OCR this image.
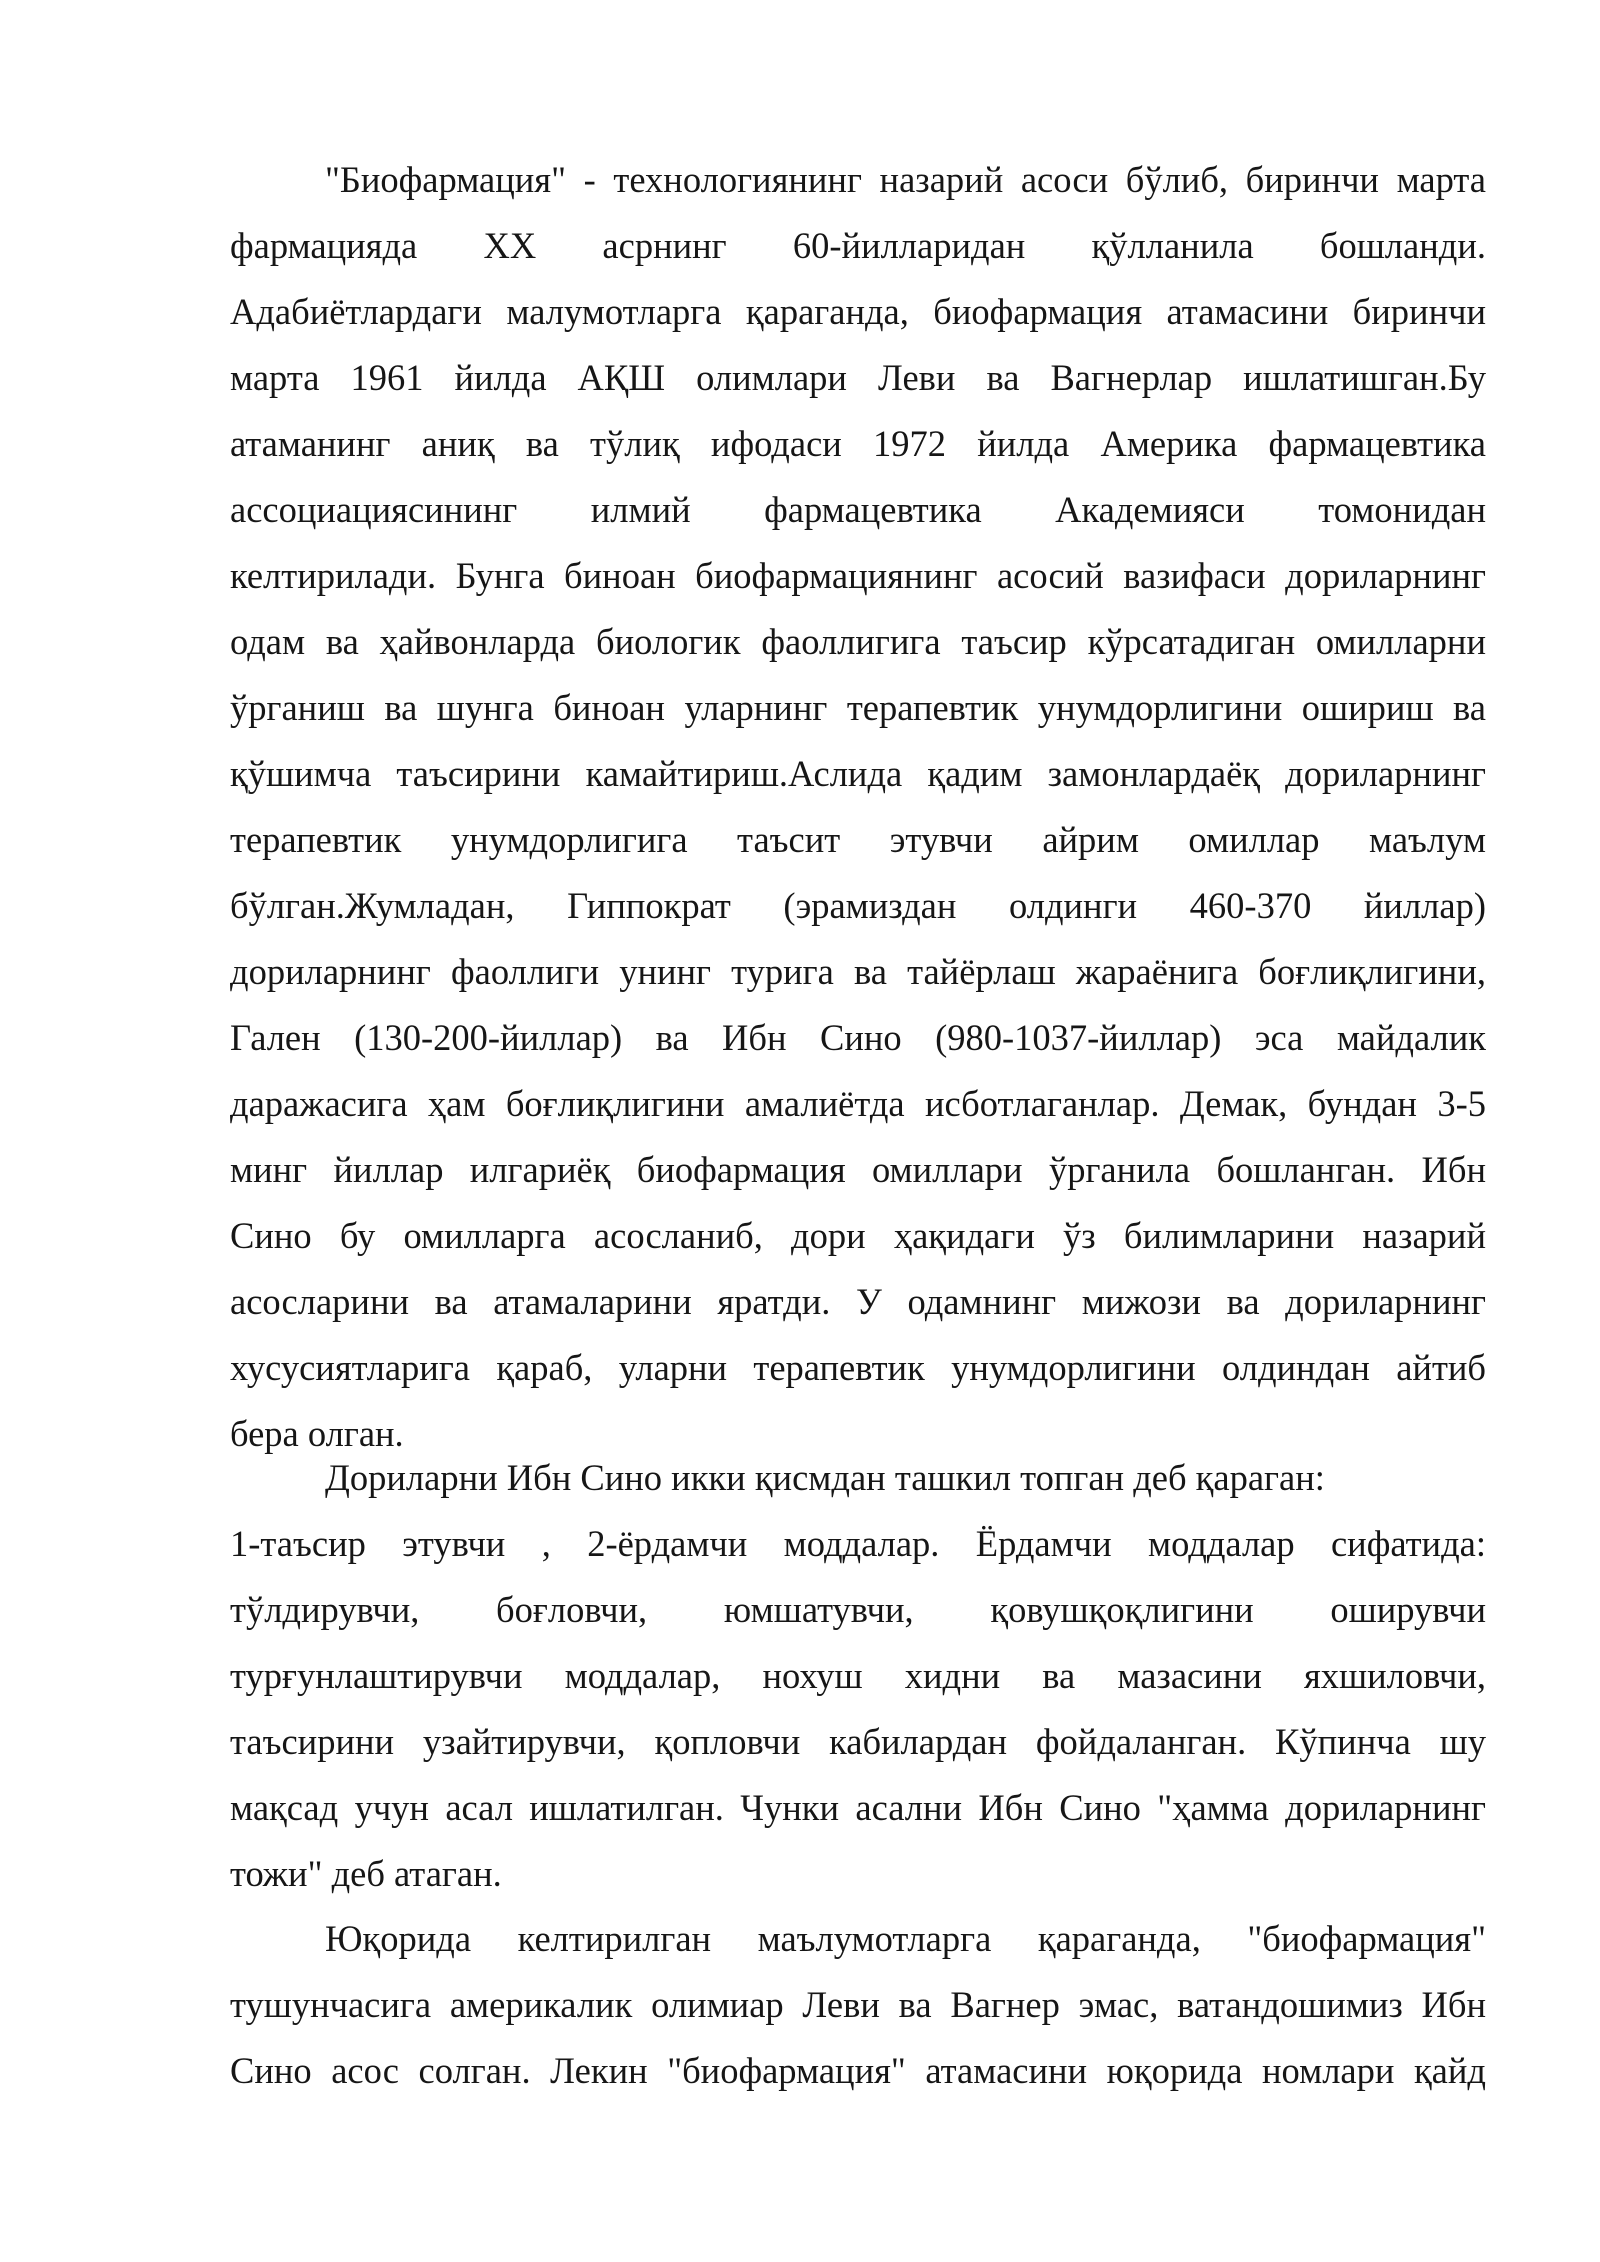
"Биофармация" - технологиянинг назарий асоси бўлиб, биринчи марта
фармацияда XX асрнинг 60-йилларидан қўлланила бошланди.
Адабиётлардаги малумотларга қараганда, биофармация атамасини биринчи
марта 1961 йилда АҚШ олимлари Леви ва Вагнерлар ишлатишган.Бу
атаманинг аниқ ва тўлиқ ифодаси 1972 йилда Америка фармацевтика
ассоциациясининг илмий фармацевтика Академияси томонидан
келтирилади. Бунга биноан биофармациянинг асосий вазифаси дориларнинг
одам ва ҳайвонларда биологик фаоллигига таъсир кўрсатадиган омилларни
ўрганиш ва шунга биноан уларнинг терапевтик унумдорлигини ошириш ва
қўшимча таъсирини камайтириш.Аслида қадим замонлардаёқ дориларнинг
терапевтик унумдорлигига таъсит этувчи айрим омиллар маълум
бўлган.Жумладан, Гиппократ (эрамиздан олдинги 460-370 йиллар)
дориларнинг фаоллиги унинг турига ва тайёрлаш жараёнига боғлиқлигини,
Гален (130-200-йиллар) ва Ибн Сино (980-1037-йиллар) эса майдалик
даражасига ҳам боғлиқлигини амалиётда исботлаганлар. Демак, бундан 3-5
минг йиллар илгариёқ биофармация омиллари ўрганила бошланган. Ибн
Сино бу омилларга асосланиб, дори ҳақидаги ўз билимларини назарий
асосларини ва атамаларини яратди. У одамнинг мижози ва дориларнинг
хусусиятларига қараб, уларни терапевтик унумдорлигини олдиндан айтиб
бера олган.
Дориларни Ибн Сино икки қисмдан ташкил топган деб қараган:
1-таъсир этувчи , 2-ёрдамчи моддалар. Ёрдамчи моддалар сифатида:
тўлдирувчи, боғловчи, юмшатувчи, қовушқоқлигини оширувчи
турғунлаштирувчи моддалар, нохуш хидни ва мазасини яхшиловчи,
таъсирини узайтирувчи, қопловчи кабилардан фойдаланган. Кўпинча шу
мақсад учун асал ишлатилган. Чунки асални Ибн Сино "ҳамма дориларнинг
тожи" деб атаган.
Юқорида келтирилган маълумотларга қараганда, "биофармация"
тушунчасига америкалик олимиар Леви ва Вагнер эмас, ватандошимиз Ибн
Сино асос солган. Лекин "биофармация" атамасини юқорида номлари қайд
